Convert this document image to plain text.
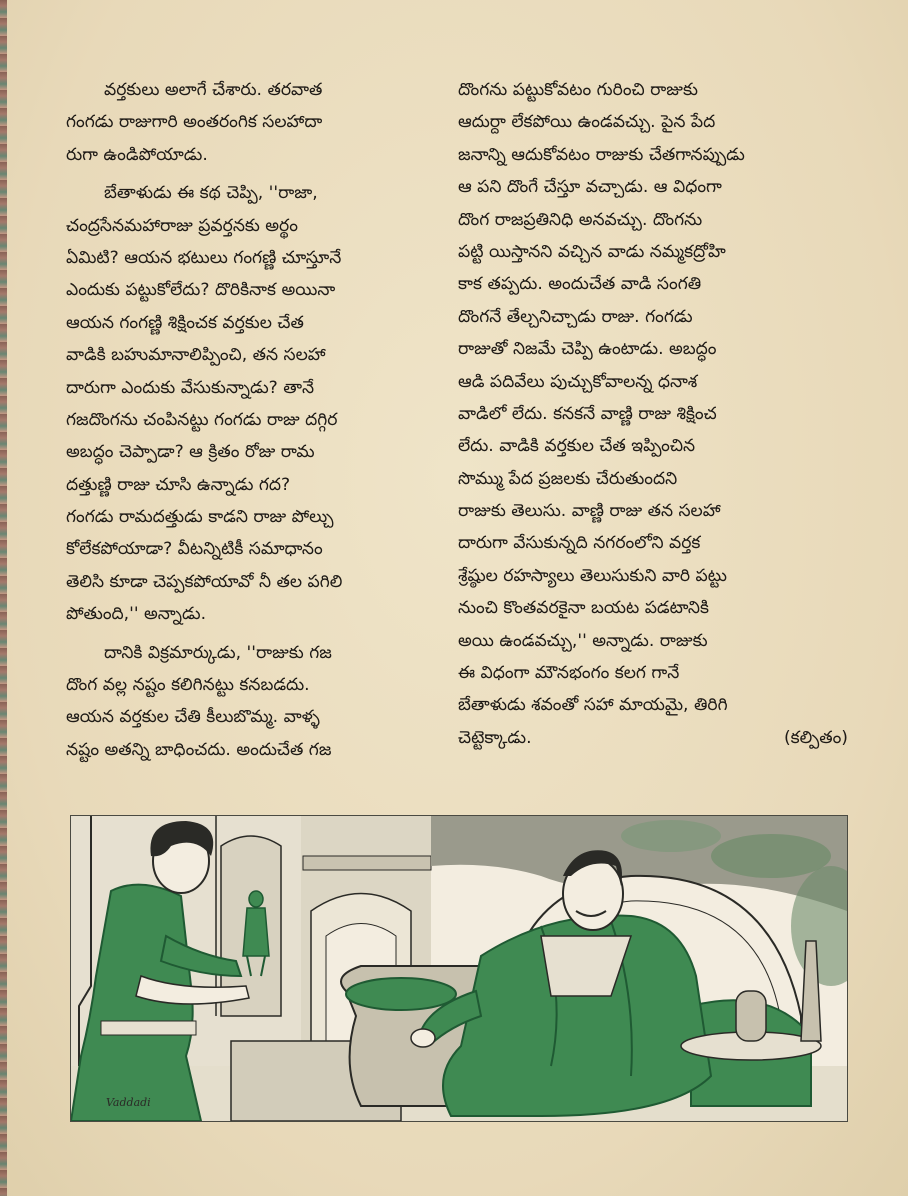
వర్తకులు అలాగే చేశారు. తరవాత
గంగడు రాజుగారి అంతరంగిక సలహాదా
రుగా ఉండిపోయాడు.
బేతాళుడు ఈ కథ చెప్పి, ''రాజా,
చంద్రసేనమహారాజు ప్రవర్తనకు అర్థం
ఏమిటి? ఆయన భటులు గంగణ్ణి చూస్తూనే
ఎందుకు పట్టుకోలేదు? దొరికినాక అయినా
ఆయన గంగణ్ణి శిక్షించక వర్తకుల చేత
వాడికి బహుమానాలిప్పించి, తన సలహా
దారుగా ఎందుకు వేసుకున్నాడు? తానే
గజదొంగను చంపినట్టు గంగడు రాజు దగ్గిర
అబద్ధం చెప్పాడా? ఆ క్రితం రోజు రామ
దత్తుణ్ణి రాజు చూసి ఉన్నాడు గద?
గంగడు రామదత్తుడు కాడని రాజు పోల్చు
కోలేకపోయాడా? వీటన్నిటికీ సమాధానం
తెలిసి కూడా చెప్పకపోయావో నీ తల పగిలి
పోతుంది,'' అన్నాడు.
దానికి విక్రమార్కుడు, ''రాజుకు గజ
దొంగ వల్ల నష్టం కలిగినట్టు కనబడదు.
ఆయన వర్తకుల చేతి కీలుబొమ్మ. వాళ్ళ
నష్టం అతన్ని బాధించదు. అందుచేత గజ
దొంగను పట్టుకోవటం గురించి రాజుకు
ఆదుర్దా లేకపోయి ఉండవచ్చు. పైన పేద
జనాన్ని ఆదుకోవటం రాజుకు చేతగానప్పుడు
ఆ పని దొంగే చేస్తూ వచ్చాడు. ఆ విధంగా
దొంగ రాజప్రతినిధి అనవచ్చు. దొంగను
పట్టి యిస్తానని వచ్చిన వాడు నమ్మకద్రోహి
కాక తప్పదు. అందుచేత వాడి సంగతి
దొంగనే తేల్చనిచ్చాడు రాజు. గంగడు
రాజుతో నిజమే చెప్పి ఉంటాడు. అబద్ధం
ఆడి పదివేలు పుచ్చుకోవాలన్న ధనాశ
వాడిలో లేదు. కనకనే వాణ్ణి రాజు శిక్షించ
లేదు. వాడికి వర్తకుల చేత ఇప్పించిన
సొమ్ము పేద ప్రజలకు చేరుతుందని
రాజుకు తెలుసు. వాణ్ణి రాజు తన సలహా
దారుగా వేసుకున్నది నగరంలోని వర్తక
శ్రేష్ఠుల రహస్యాలు తెలుసుకుని వారి పట్టు
నుంచి కొంతవరకైనా బయట పడటానికి
అయి ఉండవచ్చు,'' అన్నాడు. రాజుకు
ఈ విధంగా మౌనభంగం కలగ గానే
బేతాళుడు శవంతో సహా మాయమై, తిరిగి
చెట్టెక్కాడు.	(కల్పితం)
Vaddadi
